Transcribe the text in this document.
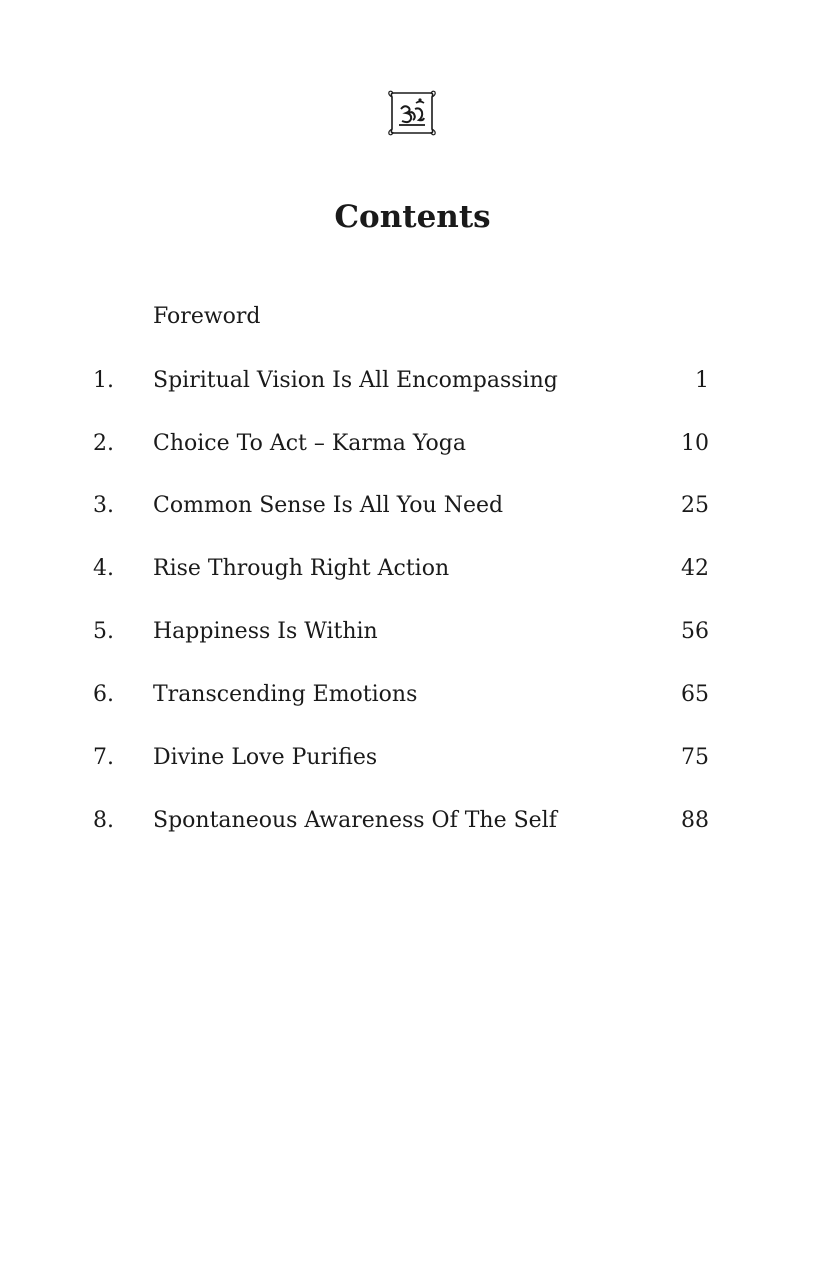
Contents
Foreword
1. Spiritual Vision Is All Encompassing	1
2. Choice To Act – Karma Yoga	10
3. Common Sense Is All You Need	25
4. Rise Through Right Action	42
5. Happiness Is Within	56
6. Transcending Emotions	65
7. Divine Love Purifies	75
8. Spontaneous Awareness Of The Self	88
